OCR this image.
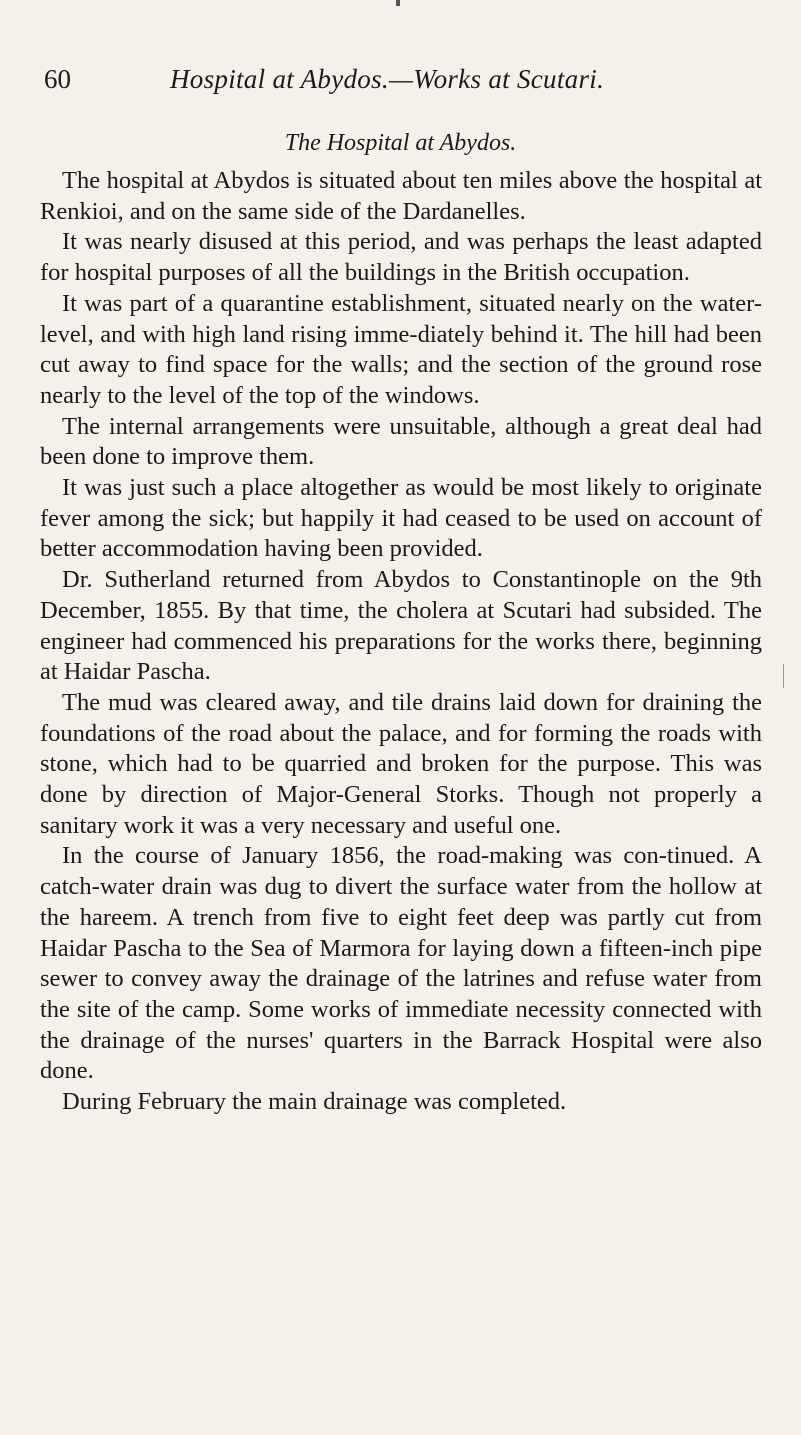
60	Hospital at Abydos.—Works at Scutari.
The Hospital at Abydos.

The hospital at Abydos is situated about ten miles above the hospital at Renkioi, and on the same side of the Dardanelles.

It was nearly disused at this period, and was perhaps the least adapted for hospital purposes of all the buildings in the British occupation.

It was part of a quarantine establishment, situated nearly on the water-level, and with high land rising imme-diately behind it. The hill had been cut away to find space for the walls; and the section of the ground rose nearly to the level of the top of the windows.

The internal arrangements were unsuitable, although a great deal had been done to improve them.

It was just such a place altogether as would be most likely to originate fever among the sick; but happily it had ceased to be used on account of better accommodation having been provided.

Dr. Sutherland returned from Abydos to Constantinople on the 9th December, 1855. By that time, the cholera at Scutari had subsided. The engineer had commenced his preparations for the works there, beginning at Haidar Pascha.

The mud was cleared away, and tile drains laid down for draining the foundations of the road about the palace, and for forming the roads with stone, which had to be quarried and broken for the purpose. This was done by direction of Major-General Storks. Though not properly a sanitary work it was a very necessary and useful one.

In the course of January 1856, the road-making was con-tinued. A catch-water drain was dug to divert the surface water from the hollow at the hareem. A trench from five to eight feet deep was partly cut from Haidar Pascha to the Sea of Marmora for laying down a fifteen-inch pipe sewer to convey away the drainage of the latrines and refuse water from the site of the camp. Some works of immediate necessity connected with the drainage of the nurses' quarters in the Barrack Hospital were also done.

During February the main drainage was completed.
